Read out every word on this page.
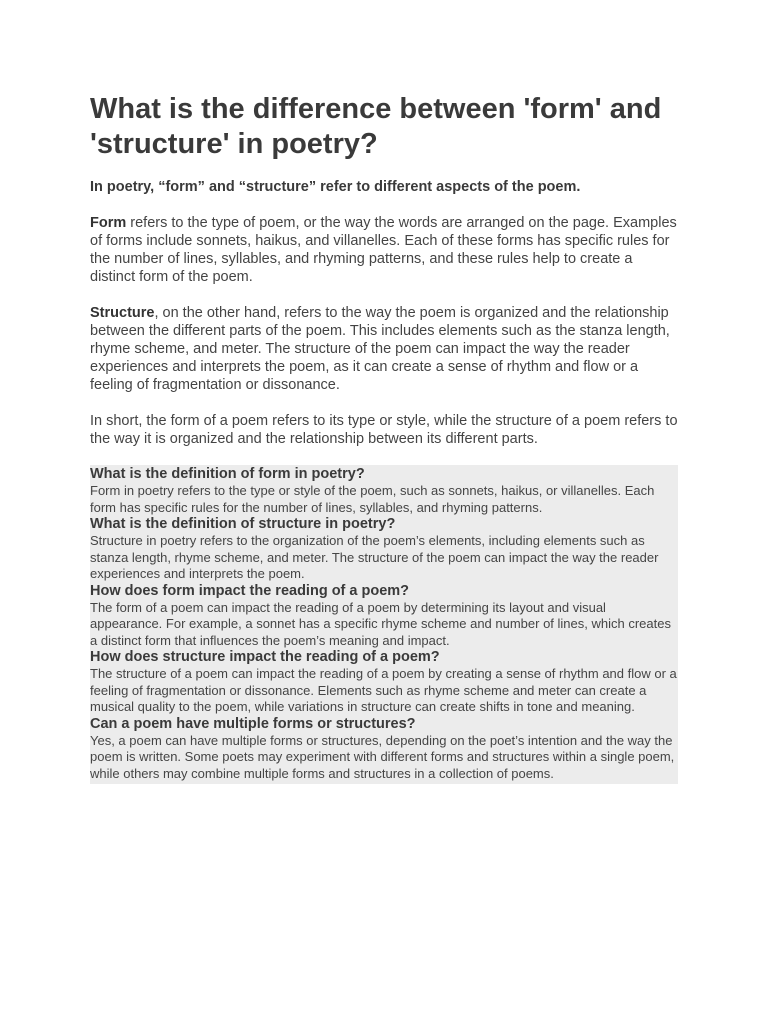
What is the difference between 'form' and 'structure' in poetry?

In poetry, “form” and “structure” refer to different aspects of the poem.

Form refers to the type of poem, or the way the words are arranged on the page. Examples of forms include sonnets, haikus, and villanelles. Each of these forms has specific rules for the number of lines, syllables, and rhyming patterns, and these rules help to create a distinct form of the poem.

Structure, on the other hand, refers to the way the poem is organized and the relationship between the different parts of the poem. This includes elements such as the stanza length, rhyme scheme, and meter. The structure of the poem can impact the way the reader experiences and interprets the poem, as it can create a sense of rhythm and flow or a feeling of fragmentation or dissonance.

In short, the form of a poem refers to its type or style, while the structure of a poem refers to the way it is organized and the relationship between its different parts.

What is the definition of form in poetry?

Form in poetry refers to the type or style of the poem, such as sonnets, haikus, or villanelles. Each form has specific rules for the number of lines, syllables, and rhyming patterns.

What is the definition of structure in poetry?

Structure in poetry refers to the organization of the poem’s elements, including elements such as stanza length, rhyme scheme, and meter. The structure of the poem can impact the way the reader experiences and interprets the poem.

How does form impact the reading of a poem?

The form of a poem can impact the reading of a poem by determining its layout and visual appearance. For example, a sonnet has a specific rhyme scheme and number of lines, which creates a distinct form that influences the poem’s meaning and impact.

How does structure impact the reading of a poem?

The structure of a poem can impact the reading of a poem by creating a sense of rhythm and flow or a feeling of fragmentation or dissonance. Elements such as rhyme scheme and meter can create a musical quality to the poem, while variations in structure can create shifts in tone and meaning.

Can a poem have multiple forms or structures?

Yes, a poem can have multiple forms or structures, depending on the poet’s intention and the way the poem is written. Some poets may experiment with different forms and structures within a single poem, while others may combine multiple forms and structures in a collection of poems.
